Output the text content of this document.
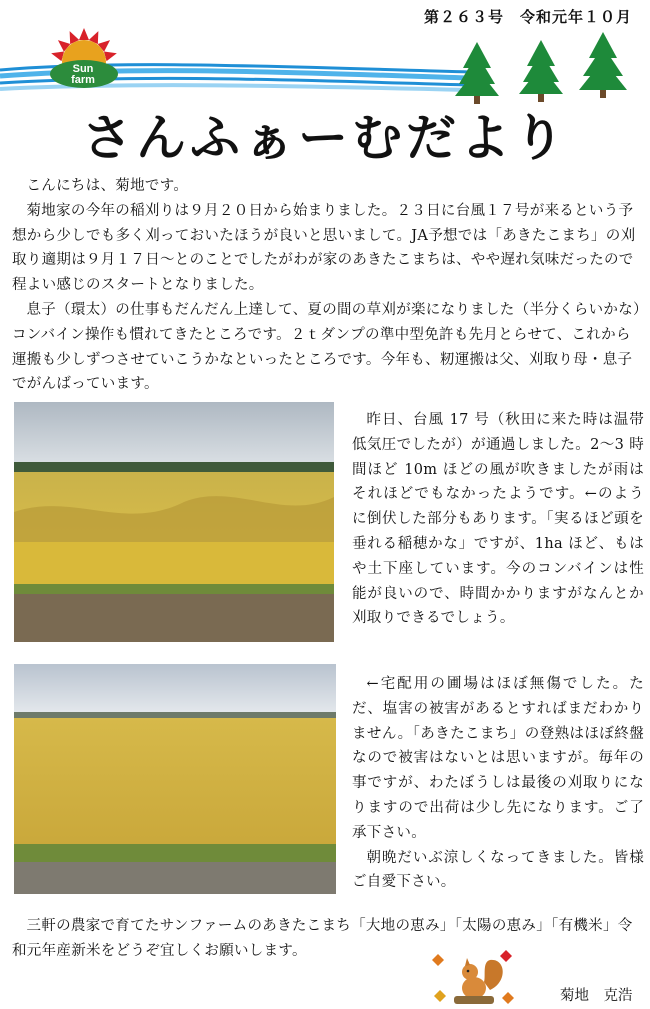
第２６３号　令和元年１０月
Sun
farm
さんふぁーむだより

こんにちは、菊地です。

菊地家の今年の稲刈りは９月２０日から始まりました。２３日に台風１７号が来るという予想から少しでも多く刈っておいたほうが良いと思いまして。JA予想では「あきたこまち」の刈取り適期は９月１７日～とのことでしたがわが家のあきたこまちは、やや遅れ気味だったので程よい感じのスタートとなりました。

息子（環太）の仕事もだんだん上達して、夏の間の草刈が楽になりました（半分くらいかな）コンバイン操作も慣れてきたところです。２ｔダンプの準中型免許も先月とらせて、これから運搬も少しずつさせていこうかなといったところです。今年も、籾運搬は父、刈取り母・息子でがんばっています。

昨日、台風 17 号（秋田に来た時は温帯低気圧でしたが）が通過しました。2～3 時間ほど 10m ほどの風が吹きましたが雨はそれほどでもなかったようです。←のように倒伏した部分もあります。「実るほど頭を垂れる稲穂かな」ですが、1ha ほど、もはや土下座しています。今のコンバインは性能が良いので、時間かかりますがなんとか刈取りできるでしょう。

←宅配用の圃場はほぼ無傷でした。ただ、塩害の被害があるとすればまだわかりません。「あきたこまち」の登熟はほぼ終盤なので被害はないとは思いますが。毎年の事ですが、わたぼうしは最後の刈取りになりますので出荷は少し先になります。ご了承下さい。

朝晩だいぶ涼しくなってきました。皆様ご自愛下さい。

三軒の農家で育てたサンファームのあきたこまち「大地の恵み」「太陽の恵み」「有機米」令和元年産新米をどうぞ宜しくお願いします。

菊地　克浩
